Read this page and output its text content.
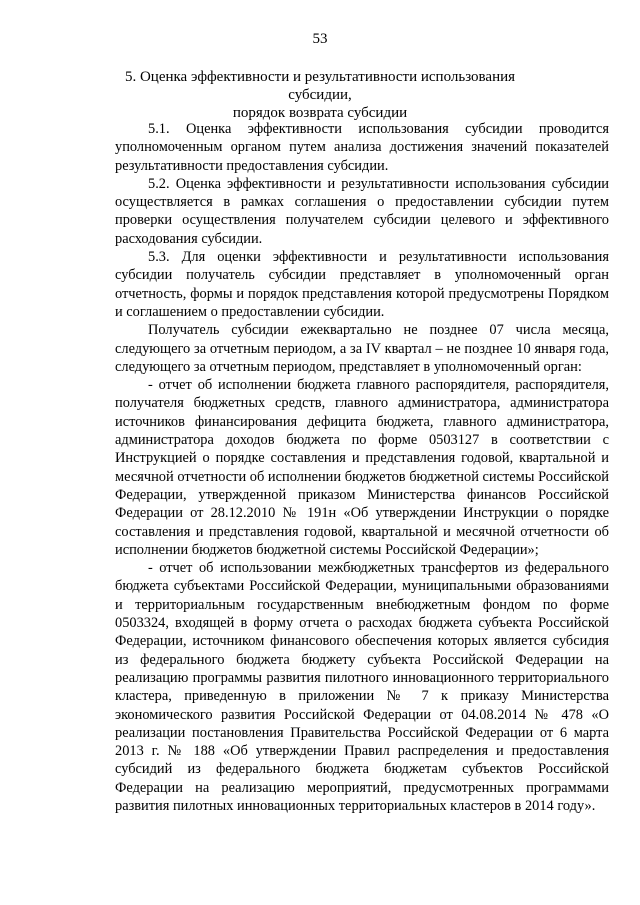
53
5. Оценка эффективности и результативности использования субсидии,
порядок возврата субсидии

5.1. Оценка эффективности использования субсидии проводится уполномоченным органом путем анализа достижения значений показателей результативности предоставления субсидии.

5.2. Оценка эффективности и результативности использования субсидии осуществляется в рамках соглашения о предоставлении субсидии путем проверки осуществления получателем субсидии целевого и эффективного расходования субсидии.

5.3. Для оценки эффективности и результативности использования субсидии получатель субсидии представляет в уполномоченный орган отчетность, формы и порядок представления которой предусмотрены Порядком и соглашением о предоставлении субсидии.

Получатель субсидии ежеквартально не позднее 07 числа месяца, следующего за отчетным периодом, а за IV квартал – не позднее 10 января года, следующего за отчетным периодом, представляет в уполномоченный орган:

- отчет об исполнении бюджета главного распорядителя, распорядителя, получателя бюджетных средств, главного администратора, администратора источников финансирования дефицита бюджета, главного администратора, администратора доходов бюджета по форме 0503127 в соответствии с Инструкцией о порядке составления и представления годовой, квартальной и месячной отчетности об исполнении бюджетов бюджетной системы Российской Федерации, утвержденной приказом Министерства финансов Российской Федерации от 28.12.2010 № 191н «Об утверждении Инструкции о порядке составления и представления годовой, квартальной и месячной отчетности об исполнении бюджетов бюджетной системы Российской Федерации»;

- отчет об использовании межбюджетных трансфертов из федерального бюджета субъектами Российской Федерации, муниципальными образованиями и территориальным государственным внебюджетным фондом по форме 0503324, входящей в форму отчета о расходах бюджета субъекта Российской Федерации, источником финансового обеспечения которых является субсидия из федерального бюджета бюджету субъекта Российской Федерации на реализацию программы развития пилотного инновационного территориального кластера, приведенную в приложении № 7 к приказу Министерства экономического развития Российской Федерации от 04.08.2014 № 478 «О реализации постановления Правительства Российской Федерации от 6 марта 2013 г. № 188 «Об утверждении Правил распределения и предоставления субсидий из федерального бюджета бюджетам субъектов Российской Федерации на реализацию мероприятий, предусмотренных программами развития пилотных инновационных территориальных кластеров в 2014 году».
